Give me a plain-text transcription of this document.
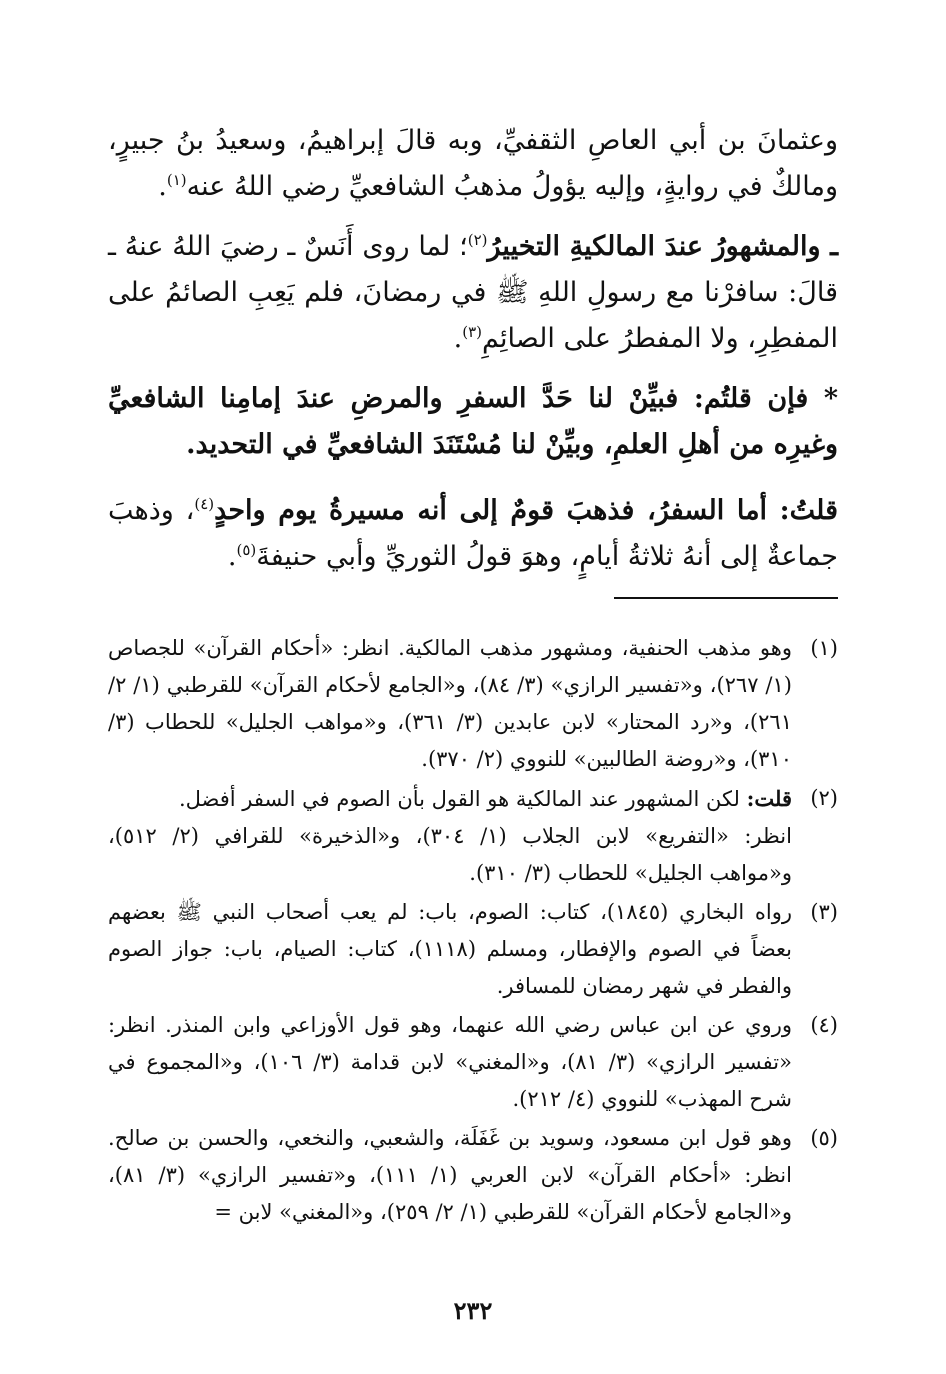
وعثمانَ بن أبي العاصِ الثقفيِّ، وبه قالَ إبراهيمُ، وسعيدُ بنُ جبيرٍ، ومالكٌ في روايةٍ، وإليه يؤولُ مذهبُ الشافعيِّ رضي اللهُ عنه$^{(١)}$.

ـ والمشهورُ عندَ المالكيةِ التخييرُ$^{(٢)}$؛ لما روى أَنَسٌ ـ رضيَ اللهُ عنهُ ـ قالَ: سافرْنا مع رسولِ اللهِ ﷺ في رمضانَ، فلم يَعِبِ الصائمُ على المفطِرِ، ولا المفطرُ على الصائِمِ$^{(٣)}$.

* فإن قلتُم: فبيِّنْ لنا حَدَّ السفرِ والمرضِ عندَ إمامِنا الشافعيِّ وغيرِه من أهلِ العلمِ، وبيِّنْ لنا مُسْتَنَدَ الشافعيِّ في التحديد.

قلتُ: أما السفرُ، فذهبَ قومٌ إلى أنه مسيرةُ يوم واحدٍ$^{(٤)}$، وذهبَ جماعةٌ إلى أنهُ ثلاثةُ أيامٍ، وهوَ قولُ الثوريِّ وأبي حنيفةَ$^{(٥)}$.

(١)
وهو مذهب الحنفية، ومشهور مذهب المالكية. انظر: «أحكام القرآن» للجصاص (١/ ٢٦٧)، و«تفسير الرازي» (٣/ ٨٤)، و«الجامع لأحكام القرآن» للقرطبي (١/ ٢/ ٢٦١)، و«رد المحتار» لابن عابدين (٣/ ٣٦١)، و«مواهب الجليل» للحطاب (٣/ ٣١٠)، و«روضة الطالبين» للنووي (٢/ ٣٧٠).
(٢)

قلت: لكن المشهور عند المالكية هو القول بأن الصوم في السفر أفضل.

انظر: «التفريع» لابن الجلاب (١/ ٣٠٤)، و«الذخيرة» للقرافي (٢/ ٥١٢)، و«مواهب الجليل» للحطاب (٣/ ٣١٠).

(٣)
رواه البخاري (١٨٤٥)، كتاب: الصوم، باب: لم يعب أصحاب النبي ﷺ بعضهم بعضاً في الصوم والإفطار، ومسلم (١١١٨)، كتاب: الصيام، باب: جواز الصوم والفطر في شهر رمضان للمسافر.
(٤)
وروي عن ابن عباس رضي الله عنهما، وهو قول الأوزاعي وابن المنذر. انظر: «تفسير الرازي» (٣/ ٨١)، و«المغني» لابن قدامة (٣/ ١٠٦)، و«المجموع في شرح المهذب» للنووي (٤/ ٢١٢).
(٥)
وهو قول ابن مسعود، وسويد بن غَفَلَة، والشعبي، والنخعي، والحسن بن صالح. انظر: «أحكام القرآن» لابن العربي (١/ ١١١)، و«تفسير الرازي» (٣/ ٨١)، و«الجامع لأحكام القرآن» للقرطبي (١/ ٢/ ٢٥٩)، و«المغني» لابن =
٢٣٢
